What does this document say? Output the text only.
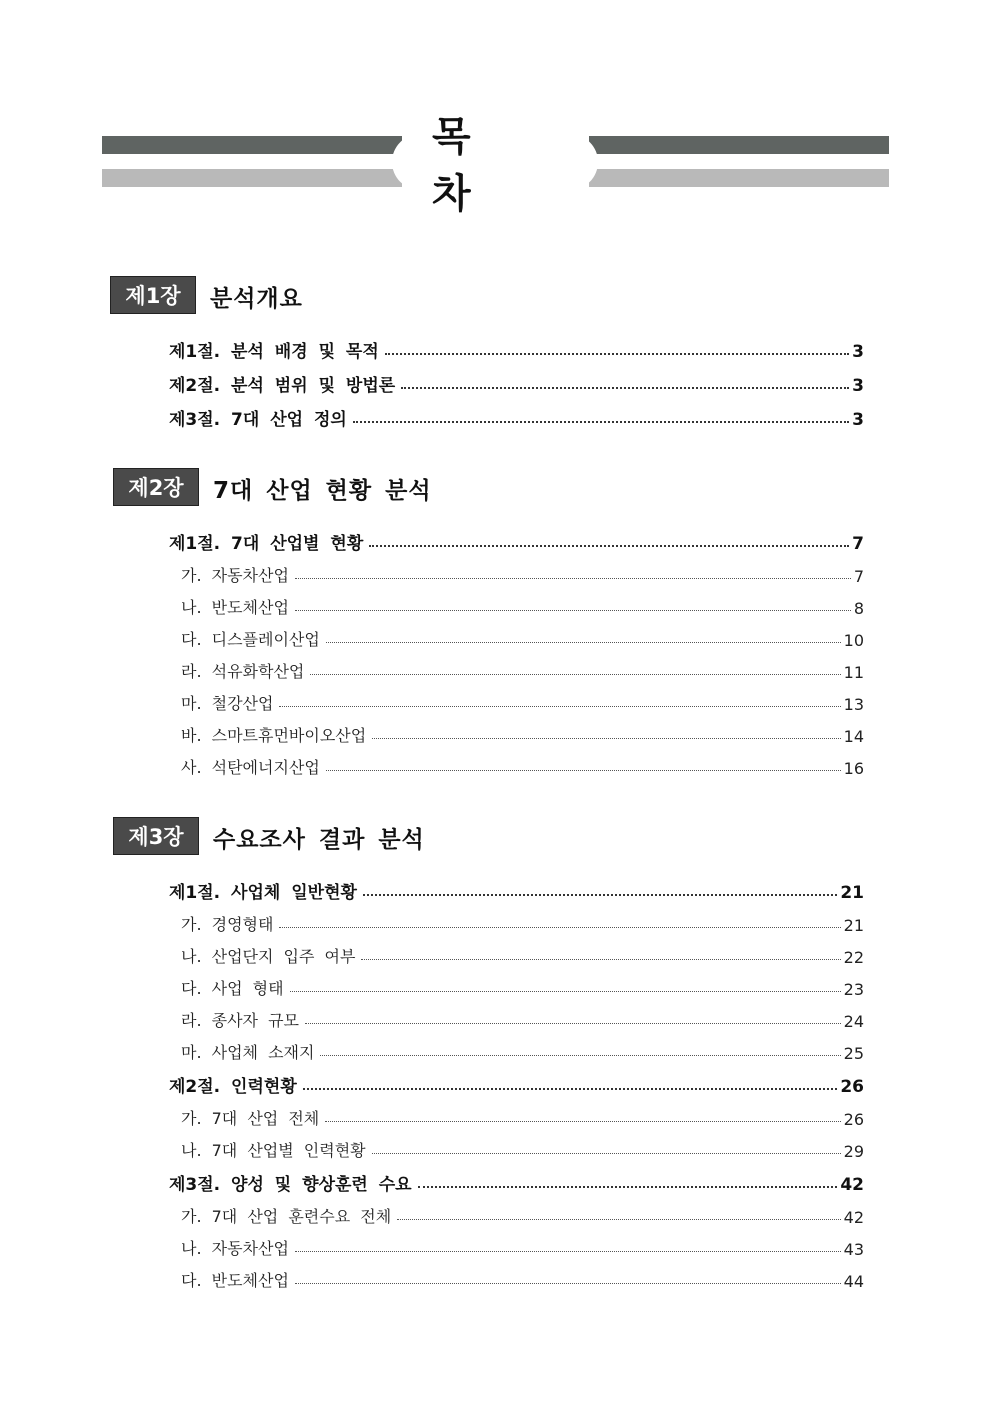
목 차
제1장	분석개요
제1절. 분석 배경 및 목적	3
제2절. 분석 범위 및 방법론	3
제3절. 7대 산업 정의	3
제2장	7대 산업 현황 분석
제1절. 7대 산업별 현황	7
가. 자동차산업	7
나. 반도체산업	8
다. 디스플레이산업	10
라. 석유화학산업	11
마. 철강산업	13
바. 스마트휴먼바이오산업	14
사. 석탄에너지산업	16
제3장	수요조사 결과 분석
제1절. 사업체 일반현황	21
가. 경영형태	21
나. 산업단지 입주 여부	22
다. 사업 형태	23
라. 종사자 규모	24
마. 사업체 소재지	25
제2절. 인력현황	26
가. 7대 산업 전체	26
나. 7대 산업별 인력현황	29
제3절. 양성 및 향상훈련 수요	42
가. 7대 산업 훈련수요 전체	42
나. 자동차산업	43
다. 반도체산업	44
